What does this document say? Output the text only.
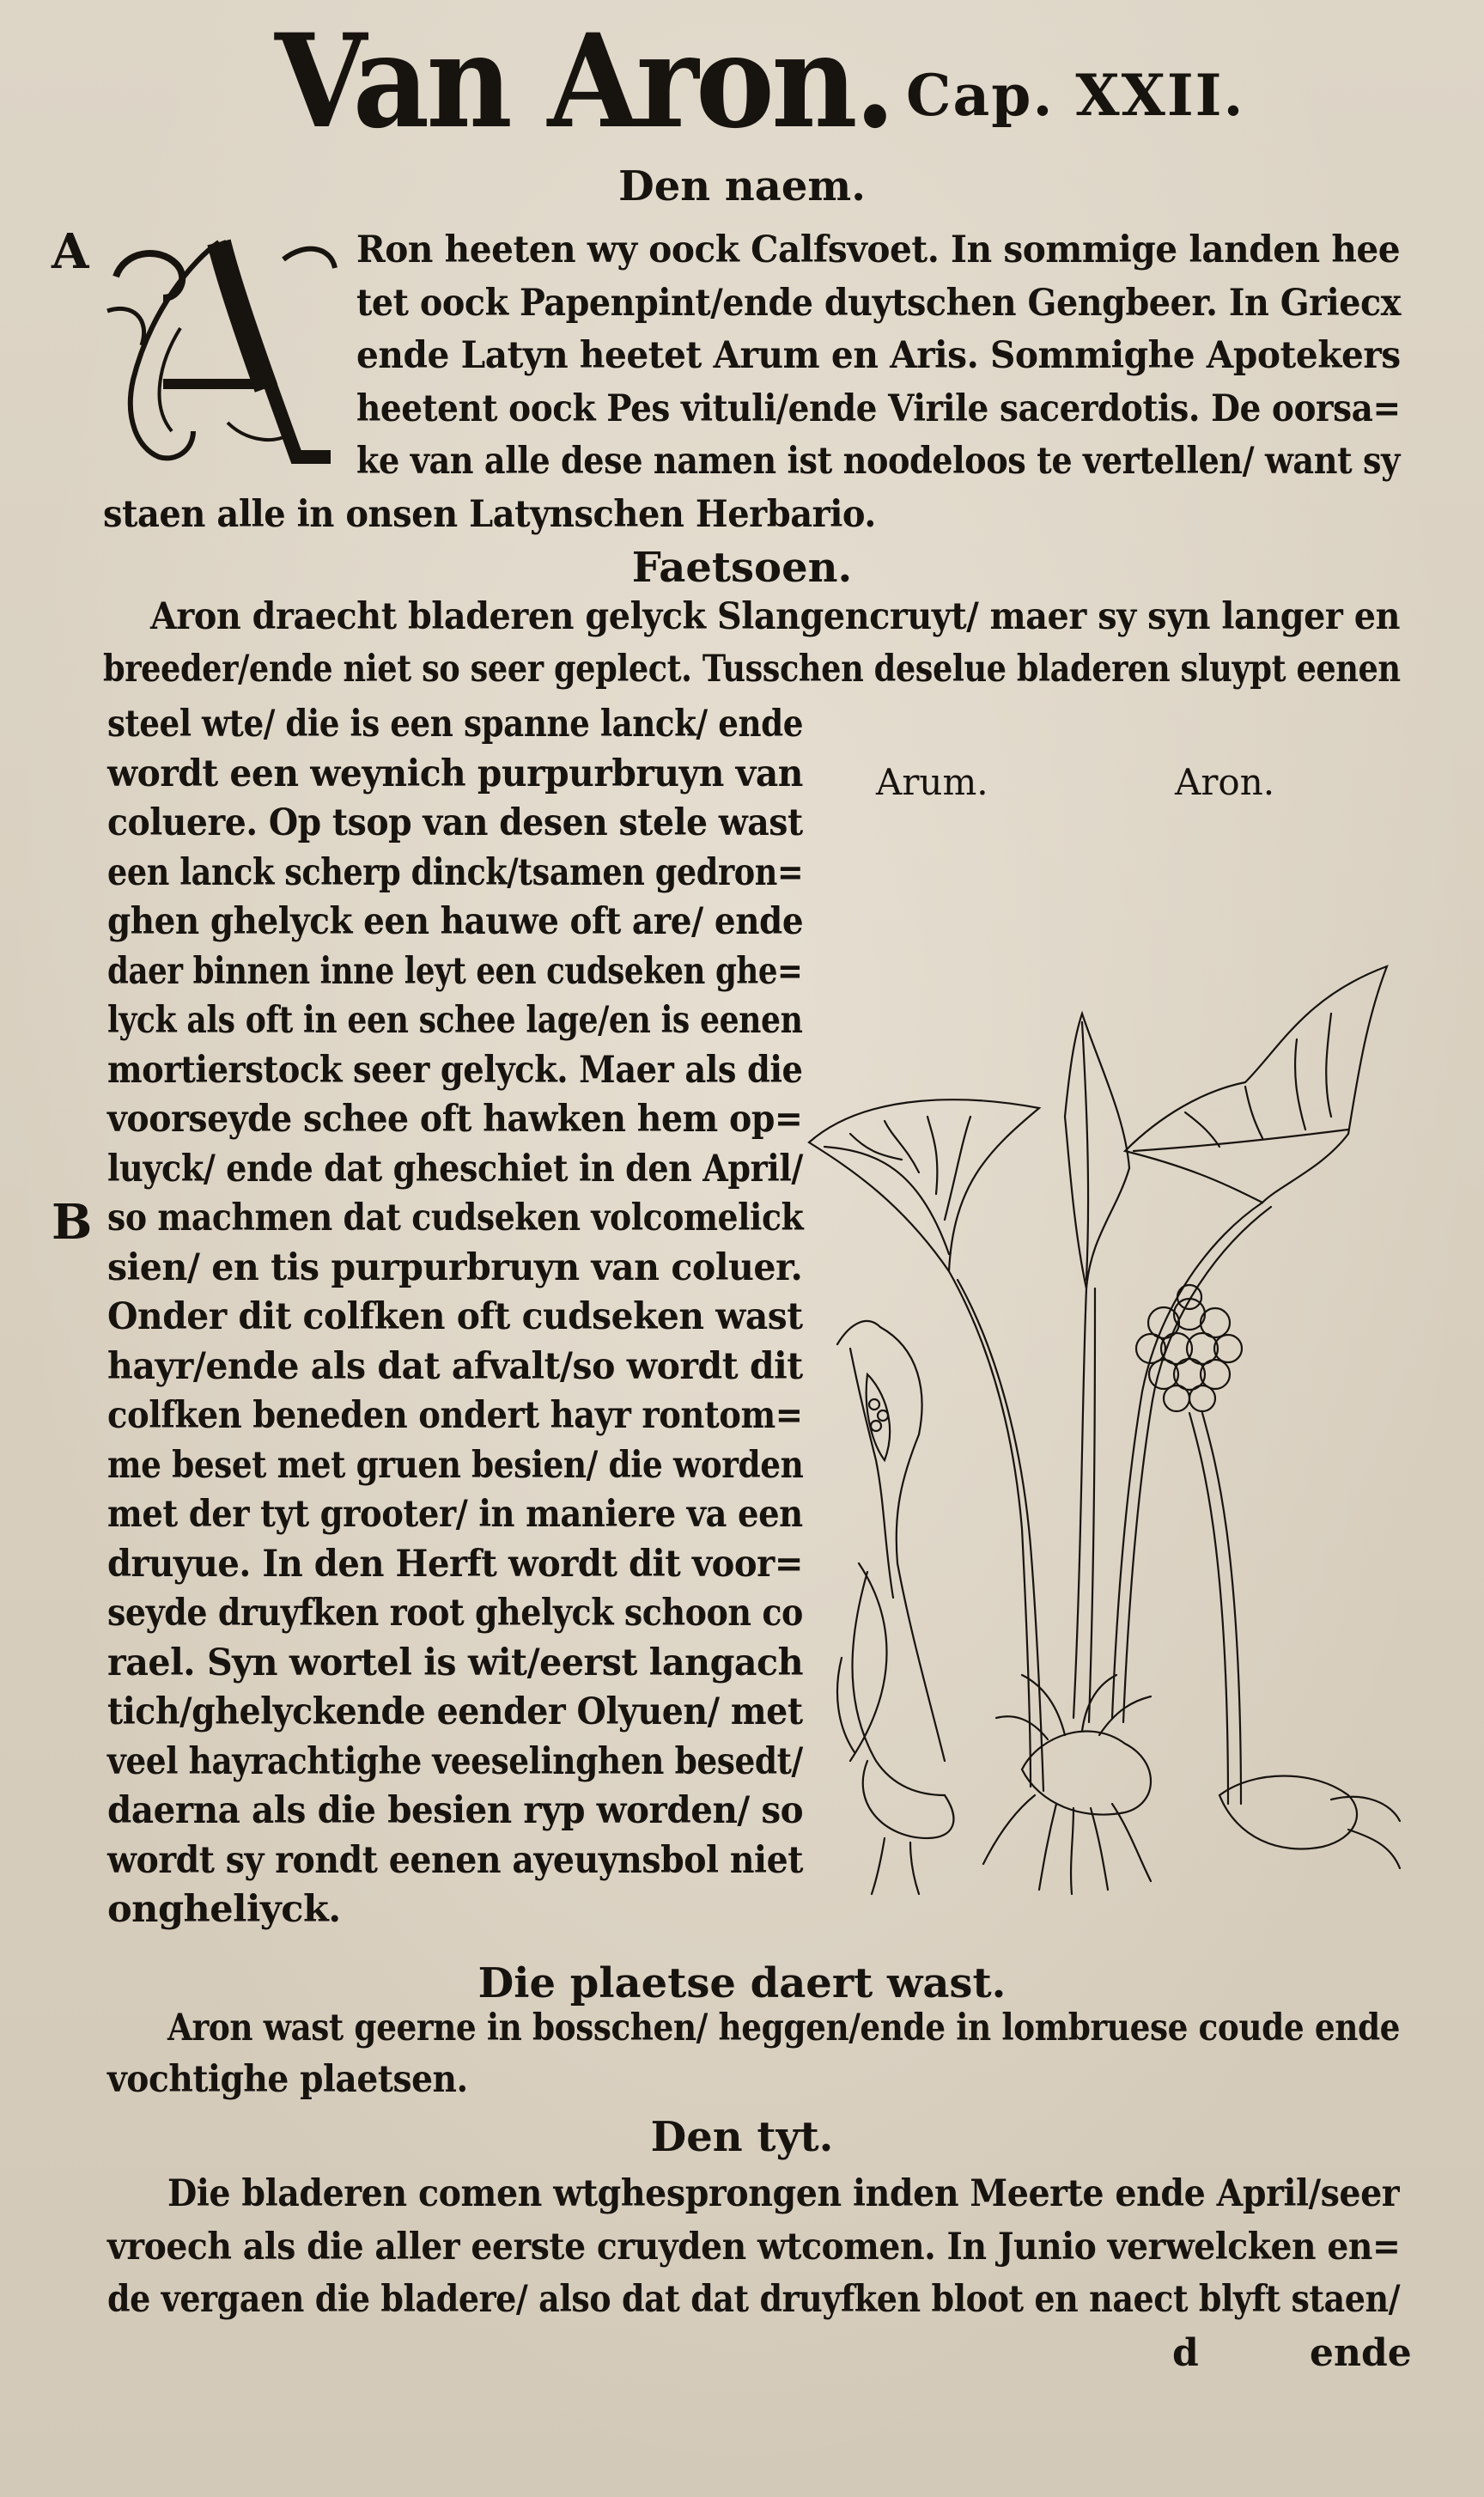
Van Aron. Cap. XXII.
Den naem.
A	Ron heeten wy oock Calfsvoet. In sommige landen hee
tet oock Papenpint/ende duytschen Gengbeer. In Griecx
ende Latyn heetet Arum en Aris. Sommighe Apotekers
heetent oock Pes vituli/ende Virile sacerdotis. De oorsa=
ke van alle dese namen ist noodeloos te vertellen/ want sy
staen alle in onsen Latynschen Herbario.
Faetsoen.
Aron draecht bladeren gelyck Slangencruyt/ maer sy syn langer en
breeder/ende niet so seer geplect. Tusschen deselue bladeren sluypt eenen
steel wte/ die is een spanne lanck/ ende
wordt een weynich purpurbruyn van
coluere. Op tsop van desen stele wast
een lanck scherp dinck/tsamen gedron=
ghen ghelyck een hauwe oft are/ ende
daer binnen inne leyt een cudseken ghe=
lyck als oft in een schee lage/en is eenen
mortierstock seer gelyck. Maer als die
voorseyde schee oft hawken hem op=
luyck/ ende dat gheschiet in den April/
so machmen dat cudseken volcomelick
sien/ en tis purpurbruyn van coluer.
Onder dit colfken oft cudseken wast
hayr/ende als dat afvalt/so wordt dit
colfken beneden ondert hayr rontom=
me beset met gruen besien/ die worden
met der tyt grooter/ in maniere va een
druyue. In den Herft wordt dit voor=
seyde druyfken root ghelyck schoon co
rael. Syn wortel is wit/eerst langach
tich/ghelyckende eender Olyuen/ met
veel hayrachtighe veeselinghen besedt/
daerna als die besien ryp worden/ so
wordt sy rondt eenen ayeuynsbol niet
ongheliyck.
B
Arum.	Aron.
Die plaetse daert wast.
Aron wast geerne in bosschen/ heggen/ende in lombruese coude ende
vochtighe plaetsen.
Den tyt.
Die bladeren comen wtghesprongen inden Meerte ende April/seer
vroech als die aller eerste cruyden wtcomen. In Junio verwelcken en=
de vergaen die bladere/ also dat dat druyfken bloot en naect blyft staen/
d	ende
